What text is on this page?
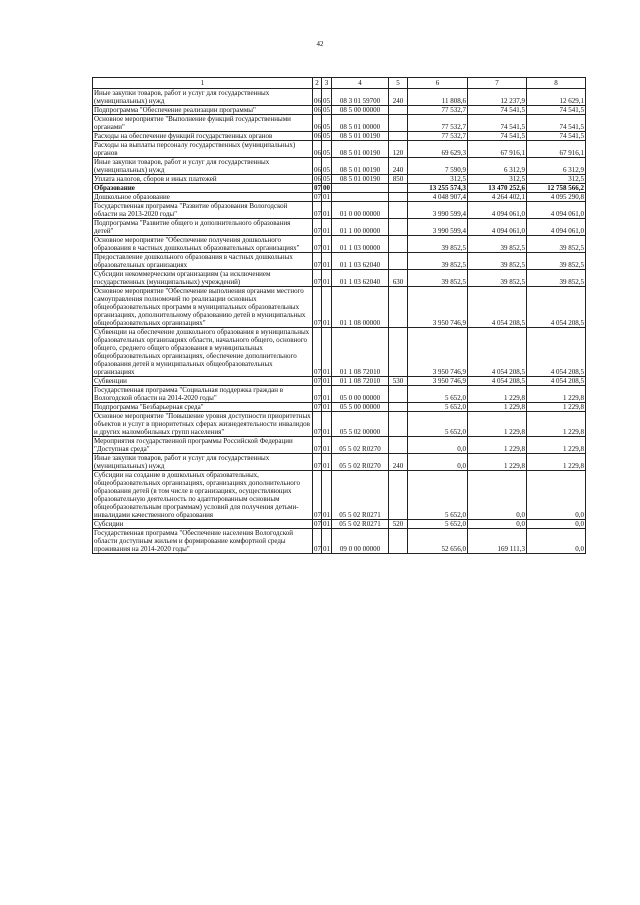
42
1	2	3	4	5	6	7	8
Иные закупки товаров, работ и услуг для государственных (муниципальных) нужд	06	05	08 3 01 59700	240	11 808,6	12 237,9	12 629,1
Подпрограмма "Обеспечение реализации программы"	06	05	08 5 00 00000		77 532,7	74 541,5	74 541,5
Основное мероприятие "Выполнение функций государственными органами"	06	05	08 5 01 00000		77 532,7	74 541,5	74 541,5
Расходы на обеспечение функций государственных органов	06	05	08 5 01 00190		77 532,7	74 541,5	74 541,5
Расходы на выплаты персоналу государственных (муниципальных) органов	06	05	08 5 01 00190	120	69 629,3	67 916,1	67 916,1
Иные закупки товаров, работ и услуг для государственных (муниципальных) нужд	06	05	08 5 01 00190	240	7 590,9	6 312,9	6 312,9
Уплата налогов, сборов и иных платежей	06	05	08 5 01 00190	850	312,5	312,5	312,5
Образование	07	00			13 255 574,3	13 470 252,6	12 758 566,2
Дошкольное образование	07	01			4 048 907,4	4 264 402,1	4 095 290,8
Государственная программа "Развитие образования Вологодской области на 2013-2020 годы"	07	01	01 0 00 00000		3 990 599,4	4 094 061,0	4 094 061,0
Подпрограмма "Развитие общего и дополнительного образования детей"	07	01	01 1 00 00000		3 990 599,4	4 094 061,0	4 094 061,0
Основное мероприятие "Обеспечение получения дошкольного образования в частных дошкольных образовательных организациях"	07	01	01 1 03 00000		39 852,5	39 852,5	39 852,5
Предоставление дошкольного образования в частных дошкольных образовательных организациях	07	01	01 1 03 62040		39 852,5	39 852,5	39 852,5
Субсидии некоммерческим организациям (за исключением государственных (муниципальных) учреждений)	07	01	01 1 03 62040	630	39 852,5	39 852,5	39 852,5
Основное мероприятие "Обеспечение выполнения органами местного самоуправления полномочий по реализации основных общеобразовательных программ в муниципальных образовательных организациях, дополнительному образованию детей в муниципальных общеобразовательных организациях"	07	01	01 1 08 00000		3 950 746,9	4 054 208,5	4 054 208,5
Субвенции на обеспечение дошкольного образования в муниципальных образовательных организациях области, начального общего, основного общего, среднего общего образования в муниципальных общеобразовательных организациях, обеспечение дополнительного образования детей в муниципальных общеобразовательных организациях	07	01	01 1 08 72010		3 950 746,9	4 054 208,5	4 054 208,5
Субвенции	07	01	01 1 08 72010	530	3 950 746,9	4 054 208,5	4 054 208,5
Государственная программа "Социальная поддержка граждан в Вологодской области на 2014-2020 годы"	07	01	05 0 00 00000		5 652,0	1 229,8	1 229,8
Подпрограмма "Безбарьерная среда"	07	01	05 5 00 00000		5 652,0	1 229,8	1 229,8
Основное мероприятие "Повышение уровня доступности приоритетных объектов и услуг в приоритетных сферах жизнедеятельности инвалидов и других маломобильных групп населения"	07	01	05 5 02 00000		5 652,0	1 229,8	1 229,8
Мероприятия государственной программы Российской Федерации "Доступная среда"	07	01	05 5 02 R0270		0,0	1 229,8	1 229,8
Иные закупки товаров, работ и услуг для государственных (муниципальных) нужд	07	01	05 5 02 R0270	240	0,0	1 229,8	1 229,8
Субсидии на создание в дошкольных образовательных, общеобразовательных организациях, организациях дополнительного образования детей (в том числе в организациях, осуществляющих образовательную деятельность по адаптированным основным общеобразовательным программам) условий для получения детьми-инвалидами качественного образования	07	01	05 5 02 R0271		5 652,0	0,0	0,0
Субсидии	07	01	05 5 02 R0271	520	5 652,0	0,0	0,0
Государственная программа "Обеспечение населения Вологодской области доступным жильем и формирование комфортной среды проживания на 2014-2020 годы"	07	01	09 0 00 00000		52 656,0	169 111,3	0,0
